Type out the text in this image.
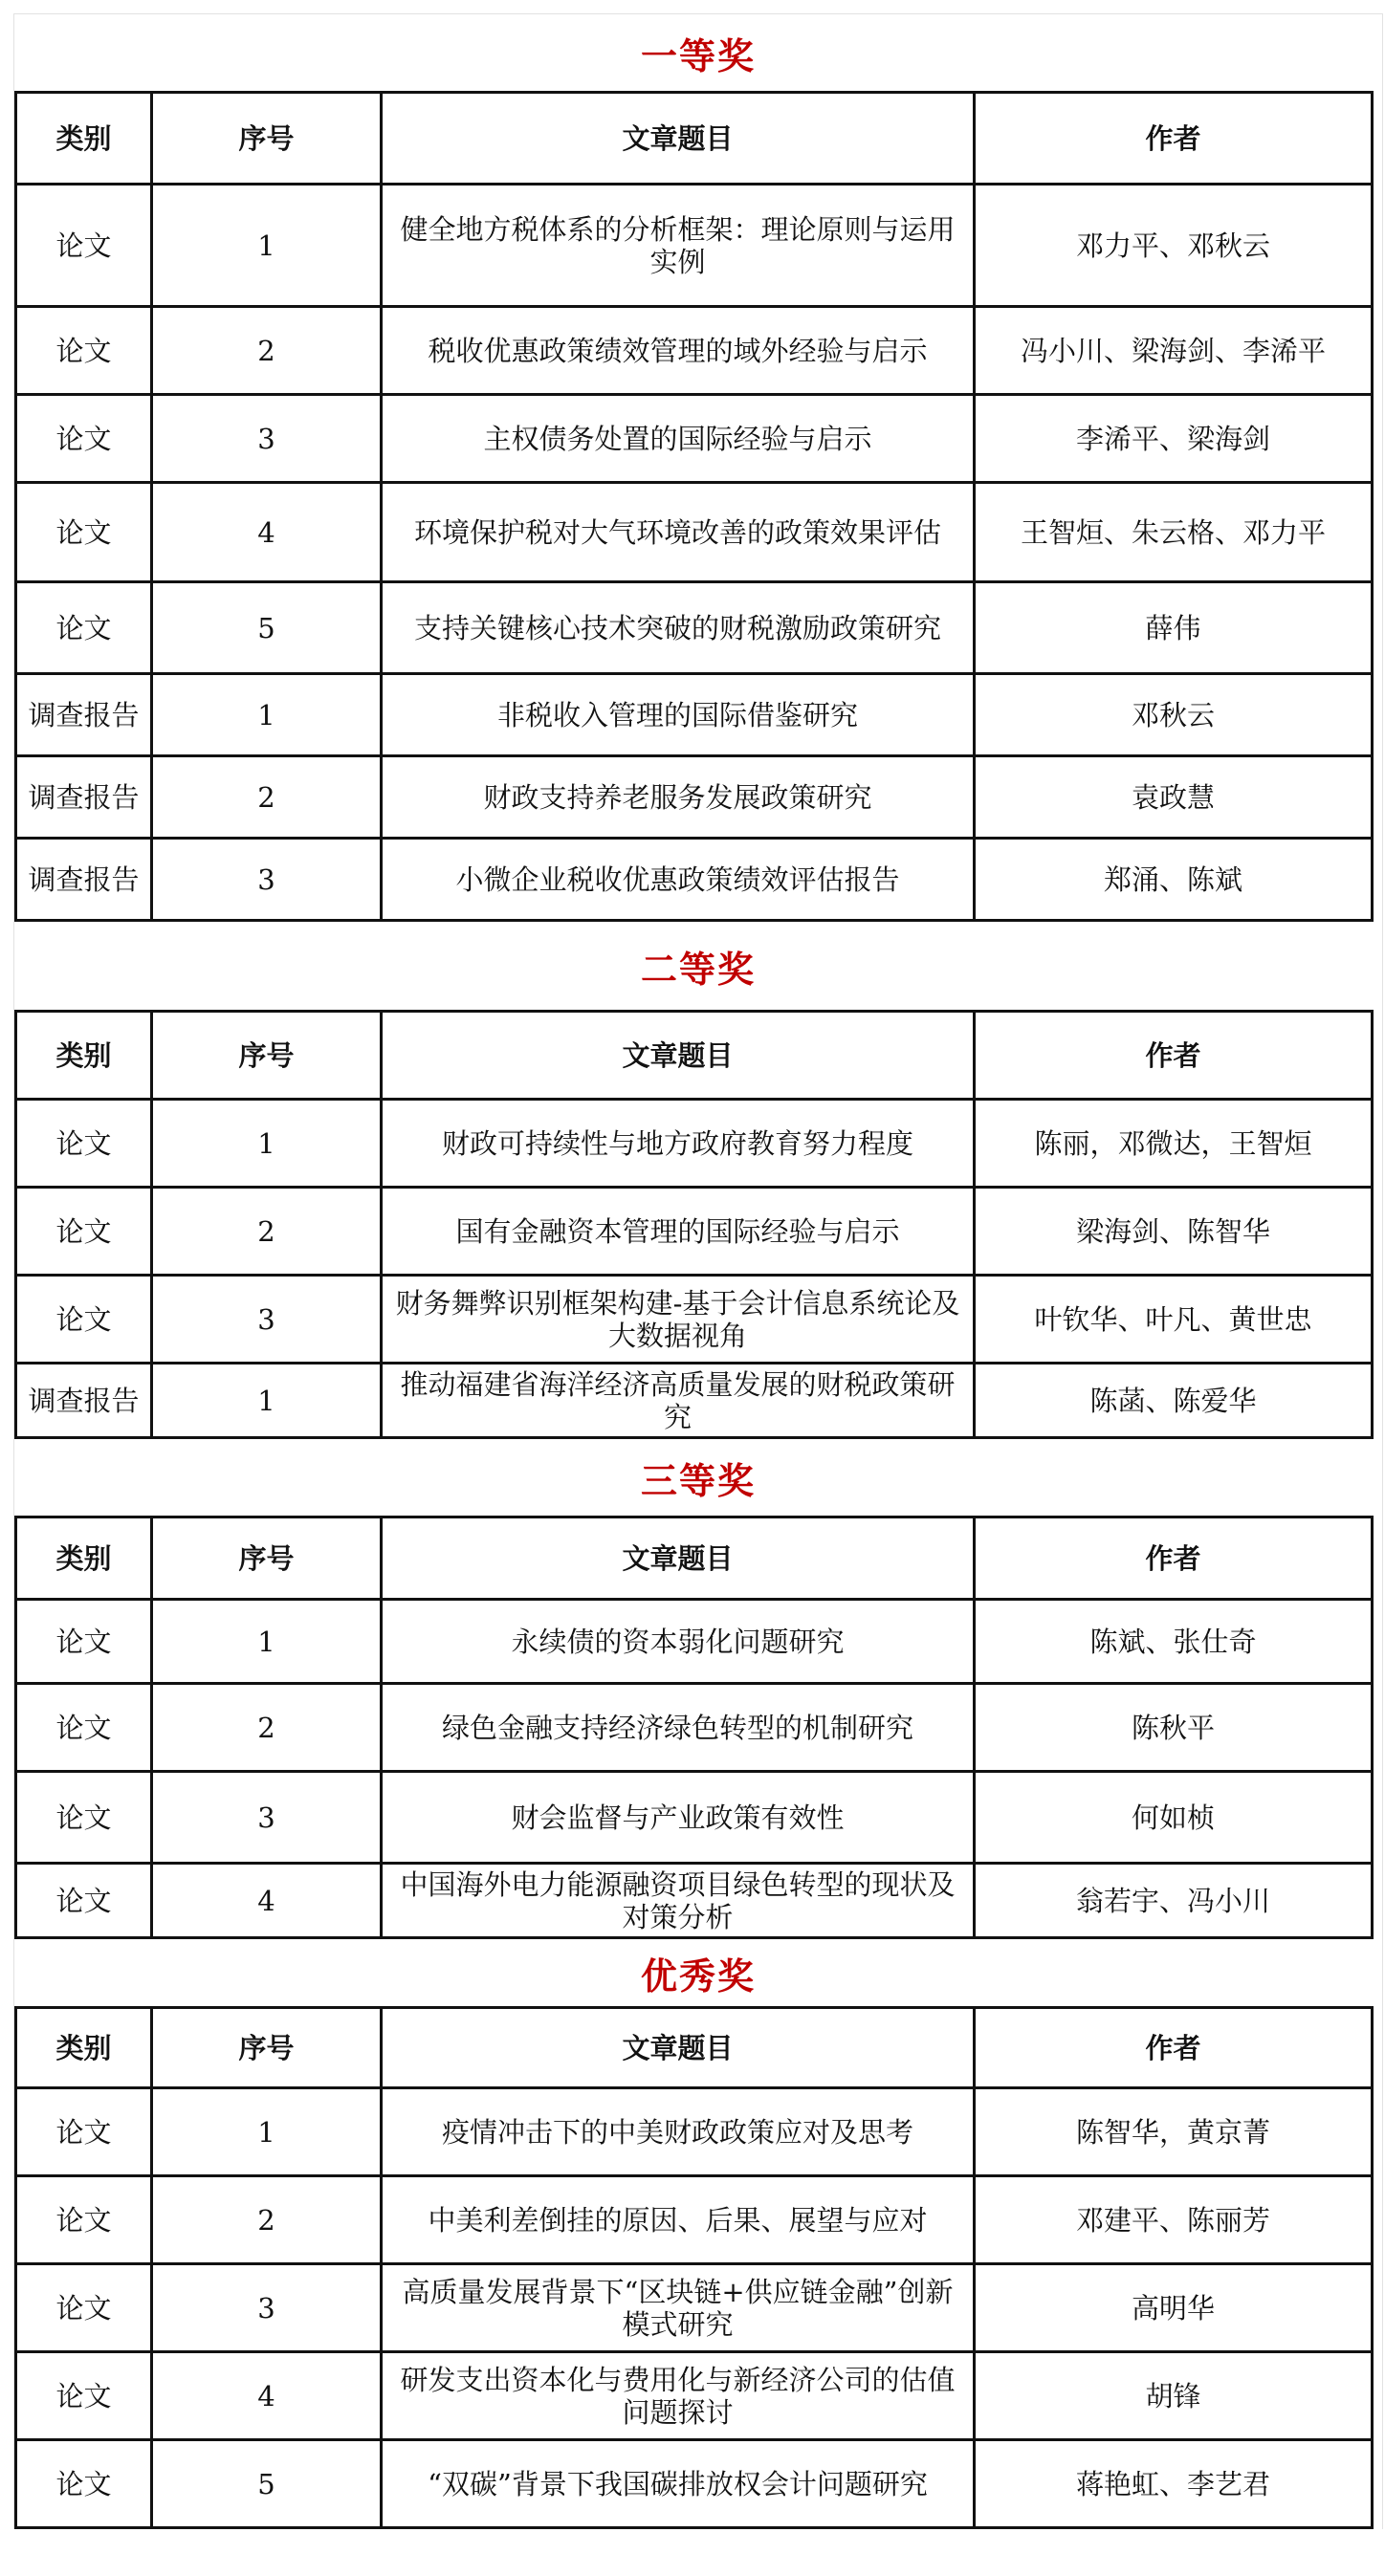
一等奖
类别	序号	文章题目	作者
论文	1	健全地方税体系的分析框架：理论原则与运用实例	邓力平、邓秋云
论文	2	税收优惠政策绩效管理的域外经验与启示	冯小川、梁海剑、李浠平
论文	3	主权债务处置的国际经验与启示	李浠平、梁海剑
论文	4	环境保护税对大气环境改善的政策效果评估	王智烜、朱云格、邓力平
论文	5	支持关键核心技术突破的财税激励政策研究	薛伟
调查报告	1	非税收入管理的国际借鉴研究	邓秋云
调查报告	2	财政支持养老服务发展政策研究	袁政慧
调查报告	3	小微企业税收优惠政策绩效评估报告	郑涌、陈斌
二等奖
类别	序号	文章题目	作者
论文	1	财政可持续性与地方政府教育努力程度	陈丽，邓微达，王智烜
论文	2	国有金融资本管理的国际经验与启示	梁海剑、陈智华
论文	3	财务舞弊识别框架构建-基于会计信息系统论及大数据视角	叶钦华、叶凡、黄世忠
调查报告	1	推动福建省海洋经济高质量发展的财税政策研究	陈菡、陈爱华
三等奖
类别	序号	文章题目	作者
论文	1	永续债的资本弱化问题研究	陈斌、张仕奇
论文	2	绿色金融支持经济绿色转型的机制研究	陈秋平
论文	3	财会监督与产业政策有效性	何如桢
论文	4	中国海外电力能源融资项目绿色转型的现状及对策分析	翁若宇、冯小川
优秀奖
类别	序号	文章题目	作者
论文	1	疫情冲击下的中美财政政策应对及思考	陈智华，黄京菁
论文	2	中美利差倒挂的原因、后果、展望与应对	邓建平、陈丽芳
论文	3	高质量发展背景下“区块链+供应链金融”创新模式研究	高明华
论文	4	研发支出资本化与费用化与新经济公司的估值问题探讨	胡锋
论文	5	“双碳”背景下我国碳排放权会计问题研究	蒋艳虹、李艺君
